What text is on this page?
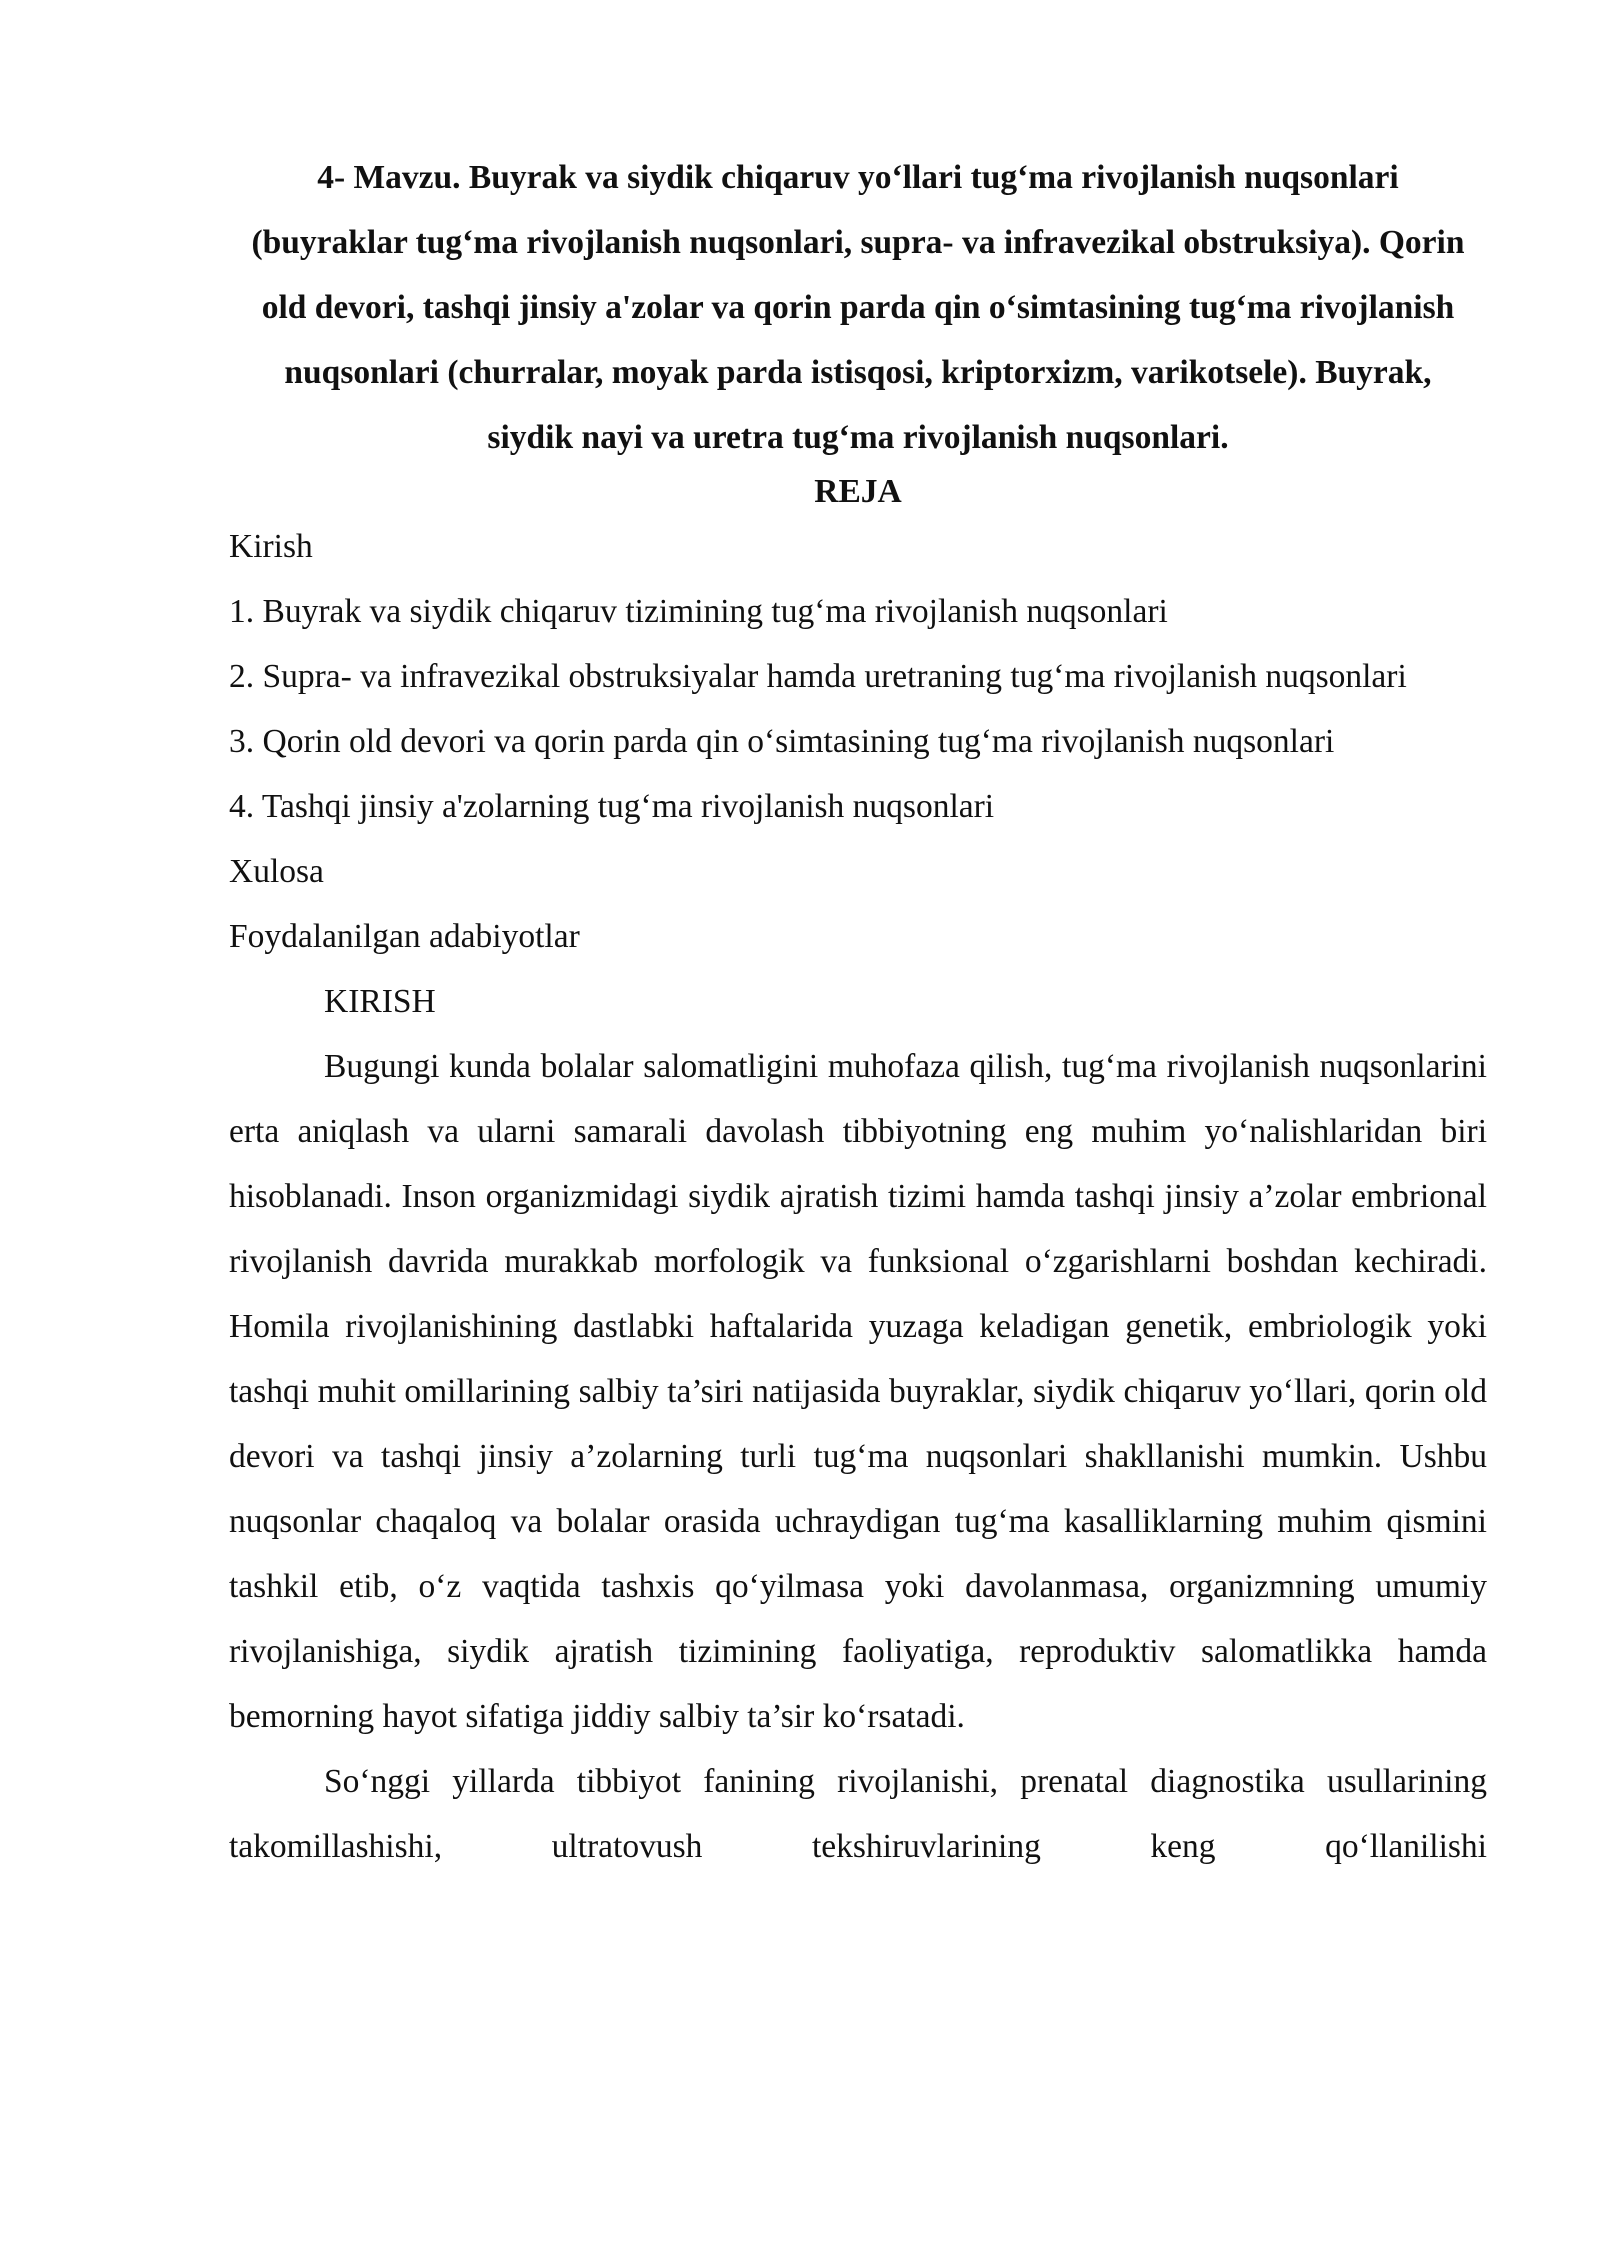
4- Mavzu. Buyrak va siydik chiqaruv yo‘llari tug‘ma rivojlanish nuqsonlari (buyraklar tug‘ma rivojlanish nuqsonlari, supra- va infravezikal obstruksiya). Qorin old devori, tashqi jinsiy a'zolar va qorin parda qin o‘simtasining tug‘ma rivojlanish nuqsonlari (churralar, moyak parda istisqosi, kriptorxizm, varikotsele). Buyrak, siydik nayi va uretra tug‘ma rivojlanish nuqsonlari.

REJA

Kirish

1. Buyrak va siydik chiqaruv tizimining tug‘ma rivojlanish nuqsonlari

2. Supra- va infravezikal obstruksiyalar hamda uretraning tug‘ma rivojlanish nuqsonlari

3. Qorin old devori va qorin parda qin o‘simtasining tug‘ma rivojlanish nuqsonlari

4. Tashqi jinsiy a'zolarning tug‘ma rivojlanish nuqsonlari

Xulosa

Foydalanilgan adabiyotlar

KIRISH

Bugungi kunda bolalar salomatligini muhofaza qilish, tug‘ma rivojlanish nuqsonlarini erta aniqlash va ularni samarali davolash tibbiyotning eng muhim yo‘nalishlaridan biri hisoblanadi. Inson organizmidagi siydik ajratish tizimi hamda tashqi jinsiy a’zolar embrional rivojlanish davrida murakkab morfologik va funksional o‘zgarishlarni boshdan kechiradi. Homila rivojlanishining dastlabki haftalarida yuzaga keladigan genetik, embriologik yoki tashqi muhit omillarining salbiy ta’siri natijasida buyraklar, siydik chiqaruv yo‘llari, qorin old devori va tashqi jinsiy a’zolarning turli tug‘ma nuqsonlari shakllanishi mumkin. Ushbu nuqsonlar chaqaloq va bolalar orasida uchraydigan tug‘ma kasalliklarning muhim qismini tashkil etib, o‘z vaqtida tashxis qo‘yilmasa yoki davolanmasa, organizmning umumiy rivojlanishiga, siydik ajratish tizimining faoliyatiga, reproduktiv salomatlikka hamda bemorning hayot sifatiga jiddiy salbiy ta’sir ko‘rsatadi.

So‘nggi yillarda tibbiyot fanining rivojlanishi, prenatal diagnostika usullarining takomillashishi, ultratovush tekshiruvlarining keng qo‘llanilishi
